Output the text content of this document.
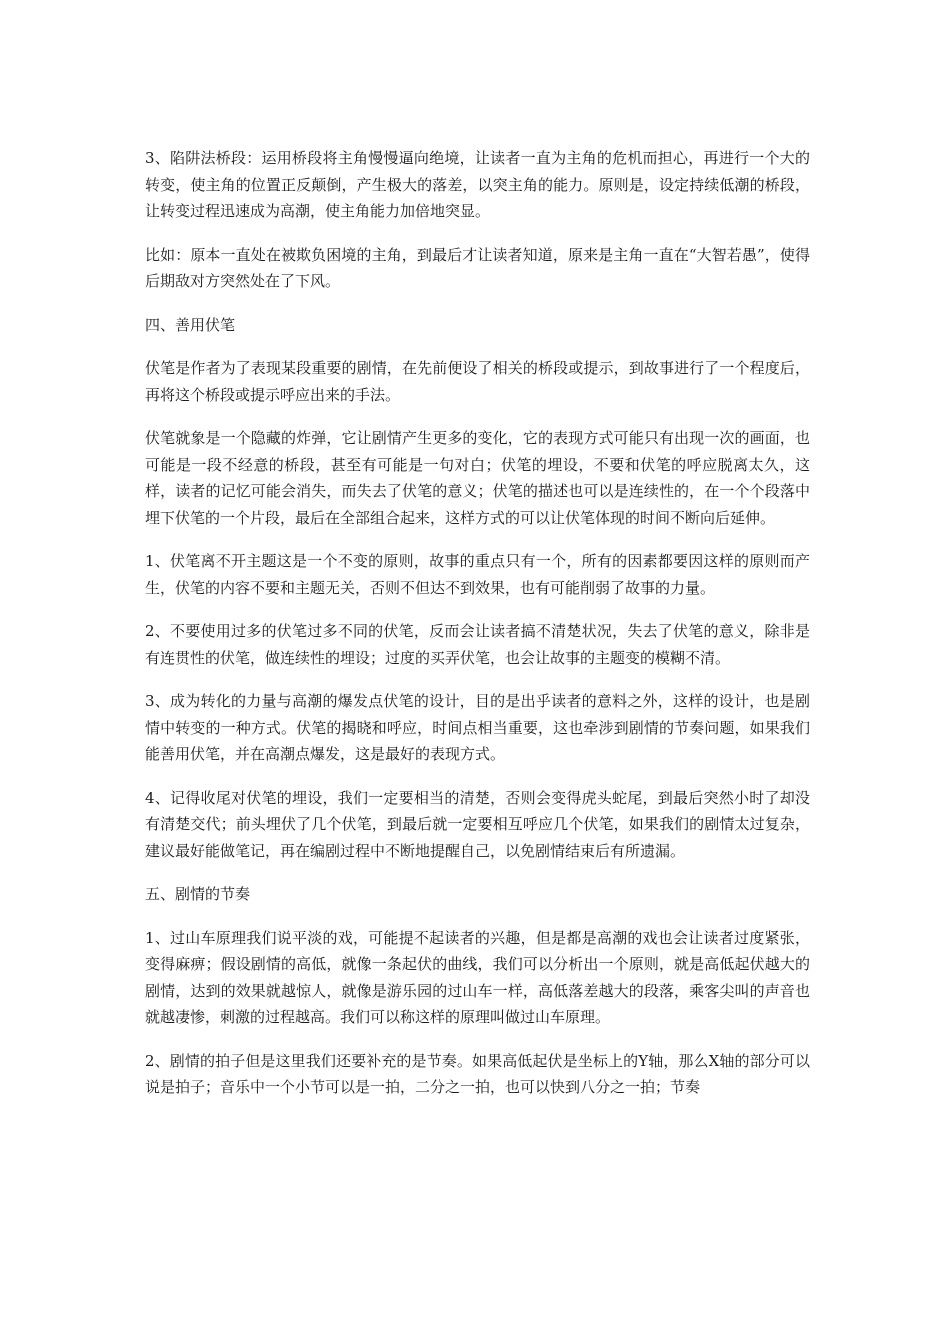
3、陷阱法桥段：运用桥段将主角慢慢逼向绝境，让读者一直为主角的危机而担心，再进行一个大的转变，使主角的位置正反颠倒，产生极大的落差，以突主角的能力。原则是，设定持续低潮的桥段，让转变过程迅速成为高潮，使主角能力加倍地突显。

比如：原本一直处在被欺负困境的主角，到最后才让读者知道，原来是主角一直在“大智若愚”，使得后期敌对方突然处在了下风。

四、善用伏笔

伏笔是作者为了表现某段重要的剧情，在先前便设了相关的桥段或提示，到故事进行了一个程度后，再将这个桥段或提示呼应出来的手法。

伏笔就象是一个隐藏的炸弹，它让剧情产生更多的变化，它的表现方式可能只有出现一次的画面，也可能是一段不经意的桥段，甚至有可能是一句对白；伏笔的埋设，不要和伏笔的呼应脱离太久，这样，读者的记忆可能会消失，而失去了伏笔的意义；伏笔的描述也可以是连续性的，在一个个段落中埋下伏笔的一个片段，最后在全部组合起来，这样方式的可以让伏笔体现的时间不断向后延伸。

1、伏笔离不开主题这是一个不变的原则，故事的重点只有一个，所有的因素都要因这样的原则而产生，伏笔的内容不要和主题无关，否则不但达不到效果，也有可能削弱了故事的力量。

2、不要使用过多的伏笔过多不同的伏笔，反而会让读者搞不清楚状况，失去了伏笔的意义，除非是有连贯性的伏笔，做连续性的埋设；过度的买弄伏笔，也会让故事的主题变的模糊不清。

3、成为转化的力量与高潮的爆发点伏笔的设计，目的是出乎读者的意料之外，这样的设计，也是剧情中转变的一种方式。伏笔的揭晓和呼应，时间点相当重要，这也牵涉到剧情的节奏问题，如果我们能善用伏笔，并在高潮点爆发，这是最好的表现方式。

4、记得收尾对伏笔的埋设，我们一定要相当的清楚，否则会变得虎头蛇尾，到最后突然小时了却没有清楚交代；前头埋伏了几个伏笔，到最后就一定要相互呼应几个伏笔，如果我们的剧情太过复杂，建议最好能做笔记，再在编剧过程中不断地提醒自己，以免剧情结束后有所遗漏。

五、剧情的节奏

1、过山车原理我们说平淡的戏，可能提不起读者的兴趣，但是都是高潮的戏也会让读者过度紧张，变得麻痹；假设剧情的高低，就像一条起伏的曲线，我们可以分析出一个原则，就是高低起伏越大的剧情，达到的效果就越惊人，就像是游乐园的过山车一样，高低落差越大的段落，乘客尖叫的声音也就越凄惨，刺激的过程越高。我们可以称这样的原理叫做过山车原理。

2、剧情的拍子但是这里我们还要补充的是节奏。如果高低起伏是坐标上的Y轴，那么X轴的部分可以说是拍子；音乐中一个小节可以是一拍，二分之一拍，也可以快到八分之一拍；节奏
